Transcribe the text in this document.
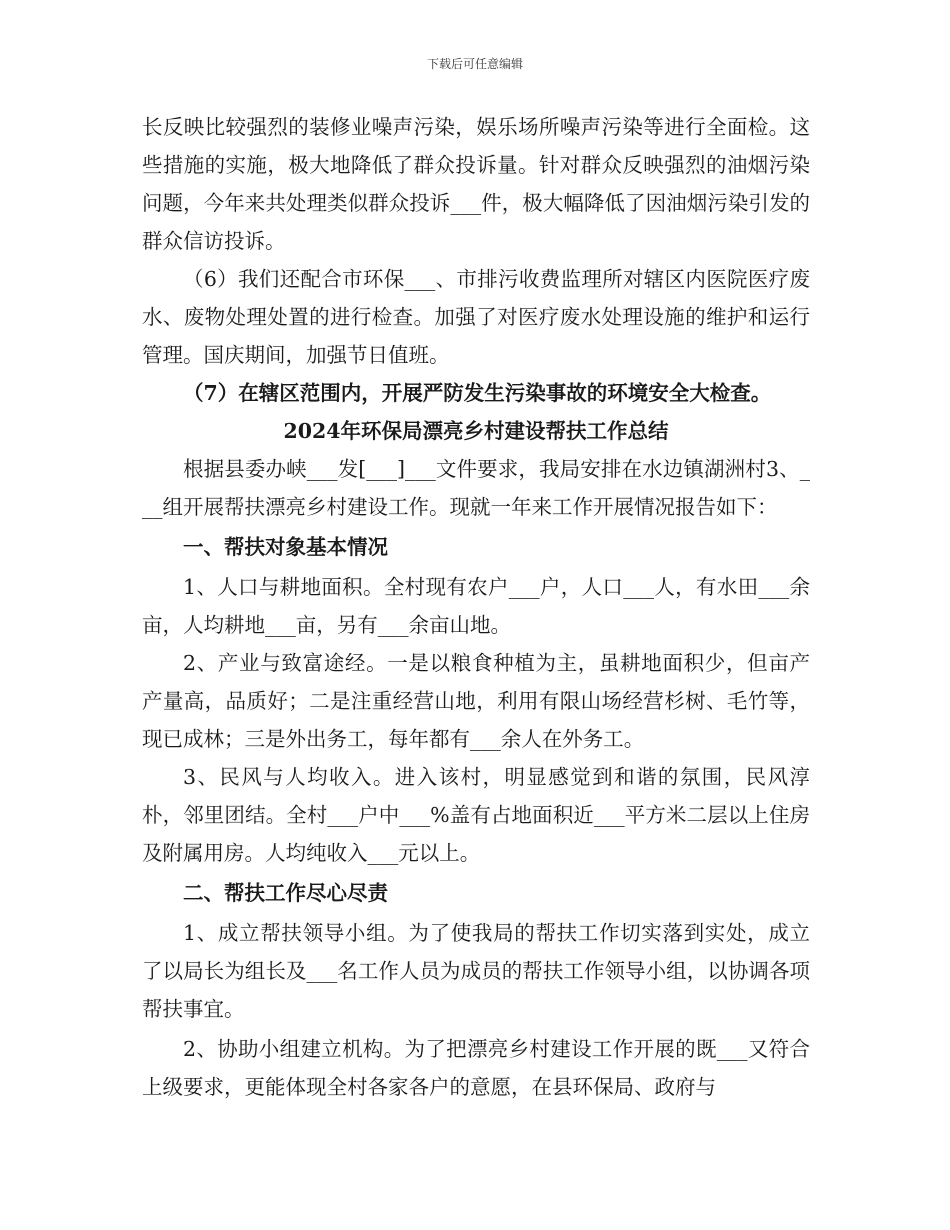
下载后可任意编辑

长反映比较强烈的装修业噪声污染，娱乐场所噪声污染等进行全面检。这些措施的实施，极大地降低了群众投诉量。针对群众反映强烈的油烟污染问题，今年来共处理类似群众投诉___件，极大幅降低了因油烟污染引发的群众信访投诉。

（6）我们还配合市环保___、市排污收费监理所对辖区内医院医疗废水、废物处理处置的进行检查。加强了对医疗废水处理设施的维护和运行管理。国庆期间，加强节日值班。

（7）在辖区范围内，开展严防发生污染事故的环境安全大检查。

2024年环保局漂亮乡村建设帮扶工作总结

根据县委办峡___发[___]___文件要求，我局安排在水边镇湖洲村3、___组开展帮扶漂亮乡村建设工作。现就一年来工作开展情况报告如下：

一、帮扶对象基本情况

1、人口与耕地面积。全村现有农户___户，人口___人，有水田___余亩，人均耕地___亩，另有___余亩山地。

2、产业与致富途经。一是以粮食种植为主，虽耕地面积少，但亩产产量高，品质好；二是注重经营山地，利用有限山场经营杉树、毛竹等，现已成林；三是外出务工，每年都有___余人在外务工。

3、民风与人均收入。进入该村，明显感觉到和谐的氛围，民风淳朴，邻里团结。全村___户中___%盖有占地面积近___平方米二层以上住房及附属用房。人均纯收入___元以上。

二、帮扶工作尽心尽责

1、成立帮扶领导小组。为了使我局的帮扶工作切实落到实处，成立了以局长为组长及___名工作人员为成员的帮扶工作领导小组，以协调各项帮扶事宜。

2、协助小组建立机构。为了把漂亮乡村建设工作开展的既___又符合上级要求，更能体现全村各家各户的意愿，在县环保局、政府与
